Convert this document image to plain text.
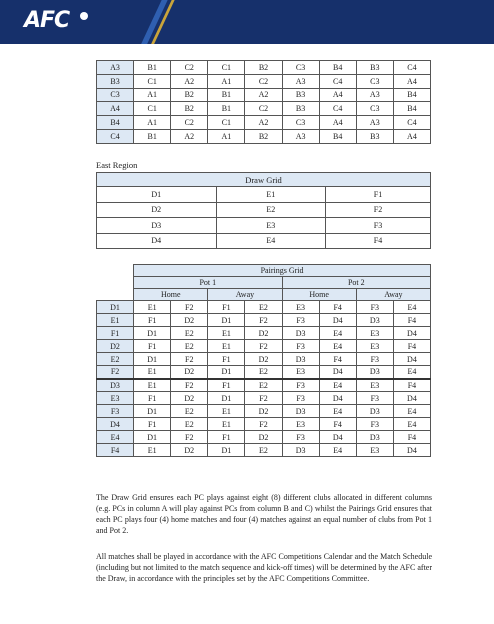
AFC
A3	B1	C2	C1	B2	C3	B4	B3	C4
B3	C1	A2	A1	C2	A3	C4	C3	A4
C3	A1	B2	B1	A2	B3	A4	A3	B4
A4	C1	B2	B1	C2	B3	C4	C3	B4
B4	A1	C2	C1	A2	C3	A4	A3	C4
C4	B1	A2	A1	B2	A3	B4	B3	A4
East Region
Draw Grid		
D1	E1	F1
D2	E2	F2
D3	E3	F3
D4	E4	F4
	Pairings Grid							
	Pot 1				Pot 2			
	Home		Away		Home		Away	
D1	E1	F2	F1	E2	E3	F4	F3	E4
E1	F1	D2	D1	F2	F3	D4	D3	F4
F1	D1	E2	E1	D2	D3	E4	E3	D4
D2	F1	E2	E1	F2	F3	E4	E3	F4
E2	D1	F2	F1	D2	D3	F4	F3	D4
F2	E1	D2	D1	E2	E3	D4	D3	E4
D3	E1	F2	F1	E2	F3	E4	E3	F4
E3	F1	D2	D1	F2	F3	D4	F3	D4
F3	D1	E2	E1	D2	D3	E4	D3	E4
D4	F1	E2	E1	F2	E3	F4	F3	E4
E4	D1	F2	F1	D2	F3	D4	D3	F4
F4	E1	D2	D1	E2	D3	E4	E3	D4

The Draw Grid ensures each PC plays against eight (8) different clubs allocated in different columns (e.g. PCs in column A will play against PCs from column B and C) whilst the Pairings Grid ensures that each PC plays four (4) home matches and four (4) matches against an equal number of clubs from Pot 1 and Pot 2.

All matches shall be played in accordance with the AFC Competitions Calendar and the Match Schedule (including but not limited to the match sequence and kick-off times) will be determined by the AFC after the Draw, in accordance with the principles set by the AFC Competitions Committee.
